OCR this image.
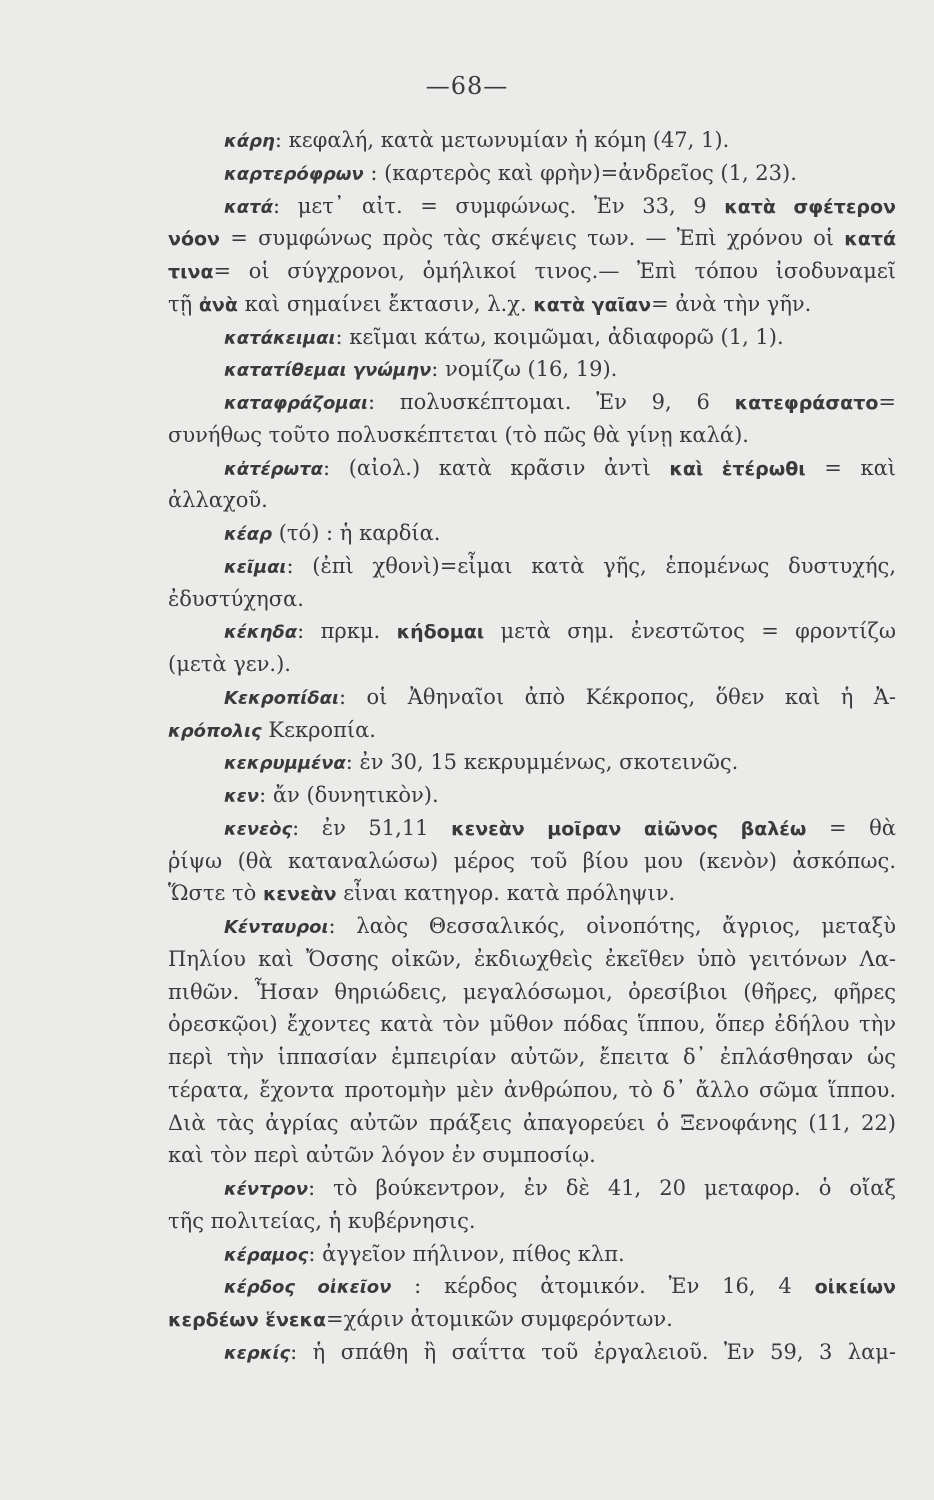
—68—
κάρη: κεφαλή, κατὰ μετωνυμίαν ἡ κόμη (47, 1).
καρτερόφρων : (καρτερὸς καὶ φρὴν)=ἀνδρεῖος (1, 23).
κατά: μετ᾽ αἰτ. = συμφώνως. Ἐν 33, 9 κατὰ σφέτερον
νόον = συμφώνως πρὸς τὰς σκέψεις των. — Ἐπὶ χρόνου οἱ κατά
τινα= οἱ σύγχρονοι, ὁμήλικοί τινος.— Ἐπὶ τόπου ἰσοδυναμεῖ
τῇ ἀνὰ καὶ σημαίνει ἔκτασιν, λ.χ. κατὰ γαῖαν= ἀνὰ τὴν γῆν.
κατάκειμαι: κεῖμαι κάτω, κοιμῶμαι, ἀδιαφορῶ (1, 1).
κατατίθεμαι γνώμην: νομίζω (16, 19).
καταφράζομαι: πολυσκέπτομαι. Ἐν 9, 6 κατεφράσατο=
συνήθως τοῦτο πολυσκέπτεται (τὸ πῶς θὰ γίνῃ καλά).
κἀτέρωτα: (αἰολ.) κατὰ κρᾶσιν ἀντὶ καὶ ἑτέρωθι = καὶ
ἀλλαχοῦ.
κέαρ (τό) : ἡ καρδία.
κεῖμαι: (ἐπὶ χθονὶ)=εἶμαι κατὰ γῆς, ἑπομένως δυστυχής,
ἐδυστύχησα.
κέκηδα: πρκμ. κήδομαι μετὰ σημ. ἐνεστῶτος = φροντίζω
(μετὰ γεν.).
Κεκροπίδαι: οἱ Ἀθηναῖοι ἀπὸ Κέκροπος, ὅθεν καὶ ἡ Ἀ-
κρόπολις Κεκροπία.
κεκρυμμένα: ἐν 30, 15 κεκρυμμένως, σκοτεινῶς.
κεν: ἄν (δυνητικὸν).
κενεὸς: ἐν 51,11 κενεὰν μοῖραν αἰῶνος βαλέω = θὰ
ῥίψω (θὰ καταναλώσω) μέρος τοῦ βίου μου (κενὸν) ἀσκόπως.
Ὥστε τὸ κενεὰν εἶναι κατηγορ. κατὰ πρόληψιν.
Κένταυροι: λαὸς Θεσσαλικός, οἰνοπότης, ἄγριος, μεταξὺ
Πηλίου καὶ Ὄσσης οἰκῶν, ἐκδιωχθεὶς ἐκεῖθεν ὑπὸ γειτόνων Λα-
πιθῶν. Ἦσαν θηριώδεις, μεγαλόσωμοι, ὀρεσίβιοι (θῆρες, φῆρες
ὀρεσκῷοι) ἔχοντες κατὰ τὸν μῦθον πόδας ἵππου, ὅπερ ἐδήλου τὴν
περὶ τὴν ἱππασίαν ἐμπειρίαν αὐτῶν, ἔπειτα δ᾽ ἐπλάσθησαν ὡς
τέρατα, ἔχοντα προτομὴν μὲν ἀνθρώπου, τὸ δ᾽ ἄλλο σῶμα ἵππου.
Διὰ τὰς ἀγρίας αὐτῶν πράξεις ἀπαγορεύει ὁ Ξενοφάνης (11, 22)
καὶ τὸν περὶ αὐτῶν λόγον ἐν συμποσίῳ.
κέντρον: τὸ βούκεντρον, ἐν δὲ 41, 20 μεταφορ. ὁ οἴαξ
τῆς πολιτείας, ἡ κυβέρνησις.
κέραμος: ἀγγεῖον πήλινον, πίθος κλπ.
κέρδος οἰκεῖον : κέρδος ἀτομικόν. Ἐν 16, 4 οἰκείων
κερδέων ἕνεκα=χάριν ἀτομικῶν συμφερόντων.
κερκίς: ἡ σπάθη ἢ σαΐττα τοῦ ἐργαλειοῦ. Ἐν 59, 3 λαμ-
